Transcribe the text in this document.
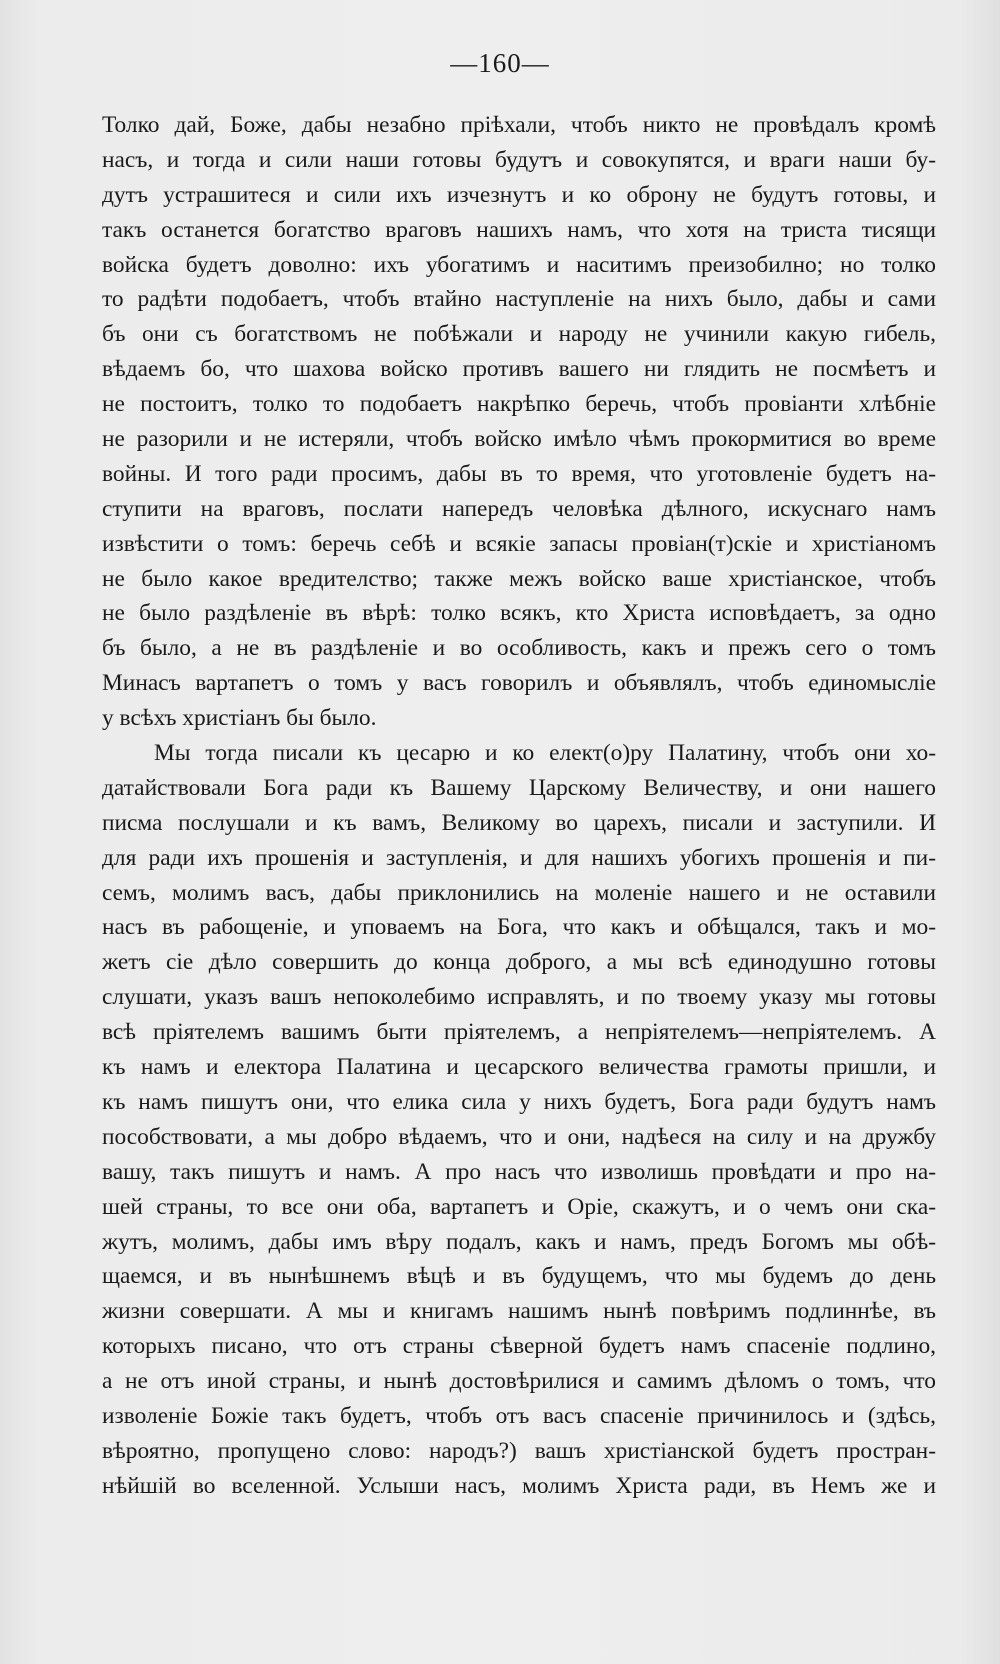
—160—
Толко дай, Боже, дабы незабно пріѣхали, чтобъ никто не провѣдалъ кромѣ
насъ, и тогда и сили наши готовы будутъ и совокупятся, и враги наши бу-
дутъ устрашитеся и сили ихъ изчезнутъ и ко оброну не будутъ готовы, и
такъ останется богатство враговъ нашихъ намъ, что хотя на триста тисящи
войска будетъ доволно: ихъ убогатимъ и наситимъ преизобилно; но толко
то радѣти подобаетъ, чтобъ втайно наступленіе на нихъ было, дабы и сами
бъ они съ богатствомъ не побѣжали и народу не учинили какую гибель,
вѣдаемъ бо, что шахова войско противъ вашего ни глядить не посмѣетъ и
не постоитъ, толко то подобаетъ накрѣпко беречь, чтобъ провіанти хлѣбніе
не разорили и не истеряли, чтобъ войско имѣло чѣмъ прокормитися во време
войны. И того ради просимъ, дабы въ то время, что уготовленіе будетъ на-
ступити на враговъ, послати напередъ человѣка дѣлного, искуснаго намъ
извѣстити о томъ: беречь себѣ и всякіе запасы провіан(т)скіе и христіаномъ
не было какое вредителство; также межъ войско ваше христіанское, чтобъ
не было раздѣленіе въ вѣрѣ: толко всякъ, кто Христа исповѣдаетъ, за одно
бъ было, а не въ раздѣленіе и во особливость, какъ и прежъ сего о томъ
Минасъ вартапетъ о томъ у васъ говорилъ и объявлялъ, чтобъ единомысліе
у всѣхъ христіанъ бы было.
Мы тогда писали къ цесарю и ко елект(о)ру Палатину, чтобъ они хо-
датайствовали Бога ради къ Вашему Царскому Величеству, и они нашего
писма послушали и къ вамъ, Великому во царехъ, писали и заступили. И
для ради ихъ прошенія и заступленія, и для нашихъ убогихъ прошенія и пи-
семъ, молимъ васъ, дабы приклонились на моленіе нашего и не оставили
насъ въ рабощеніе, и уповаемъ на Бога, что какъ и обѣщался, такъ и мо-
жетъ сіе дѣло совершить до конца доброго, а мы всѣ единодушно готовы
слушати, указъ вашъ непоколебимо исправлять, и по твоему указу мы готовы
всѣ пріятелемъ вашимъ быти пріятелемъ, а непріятелемъ—непріятелемъ. А
къ намъ и електора Палатина и цесарского величества грамоты пришли, и
къ намъ пишутъ они, что елика сила у нихъ будетъ, Бога ради будутъ намъ
пособствовати, а мы добро вѣдаемъ, что и они, надѣеся на силу и на дружбу
вашу, такъ пишутъ и намъ. А про насъ что изволишь провѣдати и про на-
шей страны, то все они оба, вартапетъ и Оріе, скажутъ, и о чемъ они ска-
жутъ, молимъ, дабы имъ вѣру подалъ, какъ и намъ, предъ Богомъ мы обѣ-
щаемся, и въ нынѣшнемъ вѣцѣ и въ будущемъ, что мы будемъ до день
жизни совершати. А мы и книгамъ нашимъ нынѣ повѣримъ подлиннѣе, въ
которыхъ писано, что отъ страны сѣверной будетъ намъ спасеніе подлино,
а не отъ иной страны, и нынѣ достовѣрилися и самимъ дѣломъ о томъ, что
изволеніе Божіе такъ будетъ, чтобъ отъ васъ спасеніе причинилось и (здѣсь,
вѣроятно, пропущено слово: народъ?) вашъ христіанской будетъ простран-
нѣйшій во вселенной. Услыши насъ, молимъ Христа ради, въ Немъ же и
